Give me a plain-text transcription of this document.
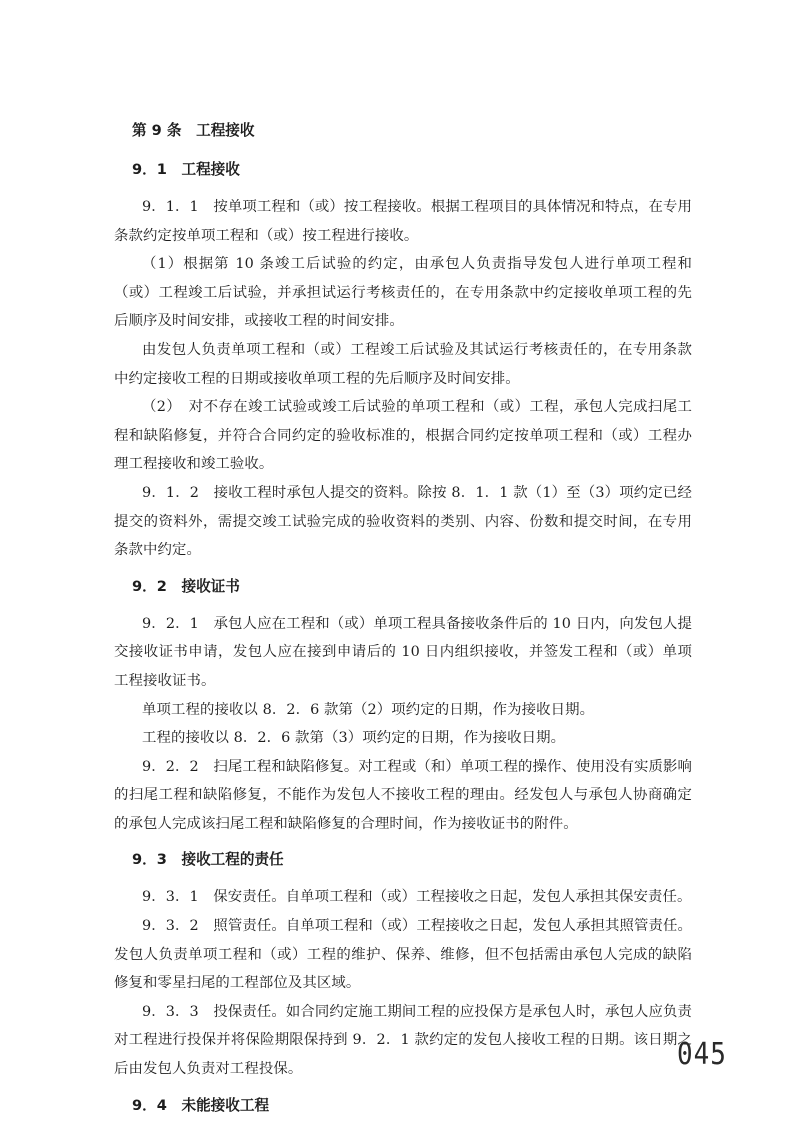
第 9 条　工程接收
9．1　工程接收

9．1．1　按单项工程和（或）按工程接收。根据工程项目的具体情况和特点，在专用条款约定按单项工程和（或）按工程进行接收。

（1）根据第 10 条竣工后试验的约定，由承包人负责指导发包人进行单项工程和（或）工程竣工后试验，并承担试运行考核责任的，在专用条款中约定接收单项工程的先后顺序及时间安排，或接收工程的时间安排。

由发包人负责单项工程和（或）工程竣工后试验及其试运行考核责任的，在专用条款中约定接收工程的日期或接收单项工程的先后顺序及时间安排。

（2）　对不存在竣工试验或竣工后试验的单项工程和（或）工程，承包人完成扫尾工程和缺陷修复，并符合合同约定的验收标准的，根据合同约定按单项工程和（或）工程办理工程接收和竣工验收。

9．1．2　接收工程时承包人提交的资料。除按 8．1．1 款（1）至（3）项约定已经提交的资料外，需提交竣工试验完成的验收资料的类别、内容、份数和提交时间，在专用条款中约定。

9．2　接收证书

9．2．1　承包人应在工程和（或）单项工程具备接收条件后的 10 日内，向发包人提交接收证书申请，发包人应在接到申请后的 10 日内组织接收，并签发工程和（或）单项工程接收证书。

单项工程的接收以 8．2．6 款第（2）项约定的日期，作为接收日期。

工程的接收以 8．2．6 款第（3）项约定的日期，作为接收日期。

9．2．2　扫尾工程和缺陷修复。对工程或（和）单项工程的操作、使用没有实质影响的扫尾工程和缺陷修复，不能作为发包人不接收工程的理由。经发包人与承包人协商确定的承包人完成该扫尾工程和缺陷修复的合理时间，作为接收证书的附件。

9．3　接收工程的责任

9．3．1　保安责任。自单项工程和（或）工程接收之日起，发包人承担其保安责任。

9．3．2　照管责任。自单项工程和（或）工程接收之日起，发包人承担其照管责任。发包人负责单项工程和（或）工程的维护、保养、维修，但不包括需由承包人完成的缺陷修复和零星扫尾的工程部位及其区域。

9．3．3　投保责任。如合同约定施工期间工程的应投保方是承包人时，承包人应负责对工程进行投保并将保险期限保持到 9．2．1 款约定的发包人接收工程的日期。该日期之后由发包人负责对工程投保。

9．4　未能接收工程
045
